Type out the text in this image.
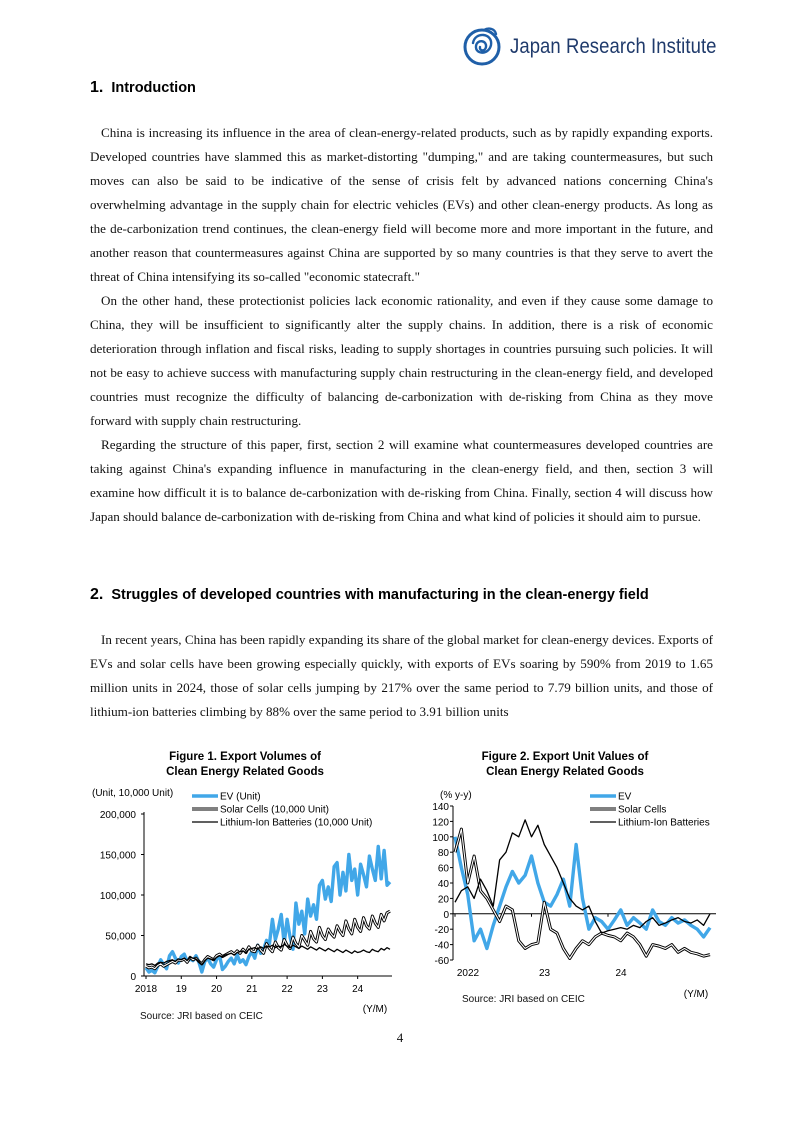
Japan Research Institute
1. Introduction

China is increasing its influence in the area of clean-energy-related products, such as by rapidly expanding exports. Developed countries have slammed this as market-distorting "dumping," and are taking countermeasures, but such moves can also be said to be indicative of the sense of crisis felt by advanced nations concerning China's overwhelming advantage in the supply chain for electric vehicles (EVs) and other clean-energy products. As long as the de-carbonization trend continues, the clean-energy field will become more and more important in the future, and another reason that countermeasures against China are supported by so many countries is that they serve to avert the threat of China intensifying its so-called "economic statecraft."

On the other hand, these protectionist policies lack economic rationality, and even if they cause some damage to China, they will be insufficient to significantly alter the supply chains. In addition, there is a risk of economic deterioration through inflation and fiscal risks, leading to supply shortages in countries pursuing such policies. It will not be easy to achieve success with manufacturing supply chain restructuring in the clean-energy field, and developed countries must recognize the difficulty of balancing de-carbonization with de-risking from China as they move forward with supply chain restructuring.

Regarding the structure of this paper, first, section 2 will examine what countermeasures developed countries are taking against China's expanding influence in manufacturing in the clean-energy field, and then, section 3 will examine how difficult it is to balance de-carbonization with de-risking from China. Finally, section 4 will discuss how Japan should balance de-carbonization with de-risking from China and what kind of policies it should aim to pursue.

2. Struggles of developed countries with manufacturing in the clean-energy field

In recent years, China has been rapidly expanding its share of the global market for clean-energy devices. Exports of EVs and solar cells have been growing especially quickly, with exports of EVs soaring by 590% from 2019 to 1.65 million units in 2024, those of solar cells jumping by 217% over the same period to 7.79 billion units, and those of lithium-ion batteries climbing by 88% over the same period to 3.91 billion units

Figure 1. Export Volumes of
Clean Energy Related Goods
(Unit, 10,000 Unit)
0
50,000
100,000
150,000
200,000
2018 19 20 21 22 23 24
(Y/M)
EV (Unit)
Solar Cells (10,000 Unit)
Lithium-Ion Batteries (10,000 Unit)
Source: JRI based on CEIC
Figure 2. Export Unit Values of
Clean Energy Related Goods
(% y-y)
140
120
100
80
60
40
20
0
-20
-40
-60
2022	23	24
(Y/M)
EV
Solar Cells
Lithium-Ion Batteries
Source: JRI based on CEIC
4
